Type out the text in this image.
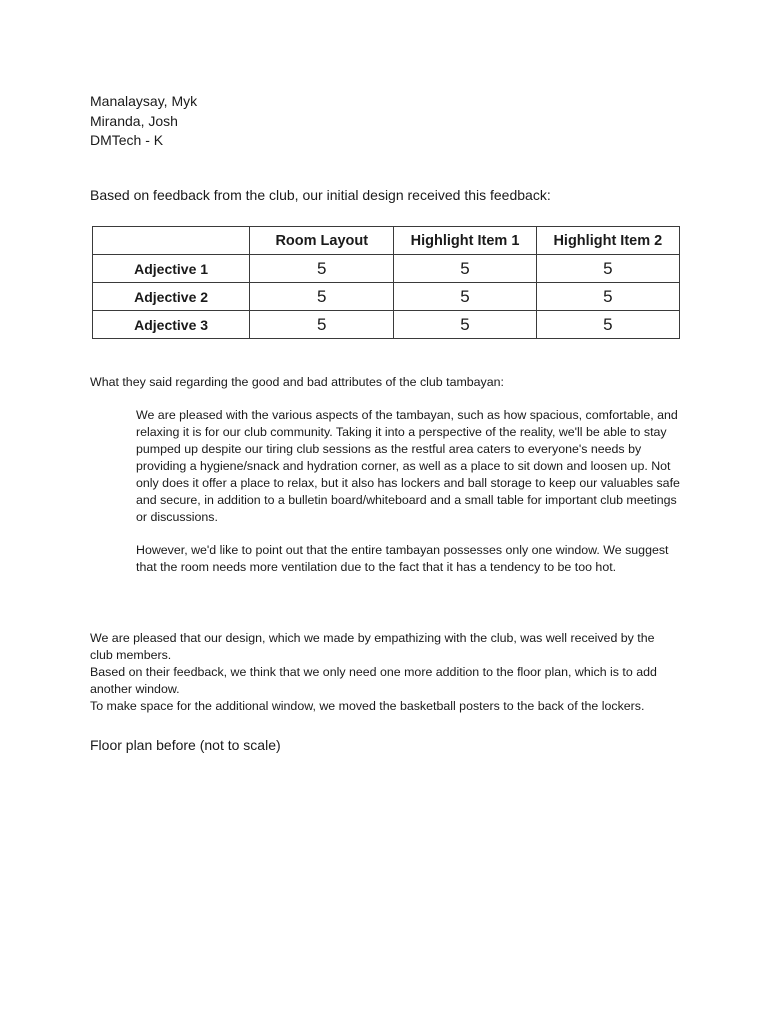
Manalaysay, Myk
Miranda, Josh
DMTech - K
Based on feedback from the club, our initial design received this feedback:
	Room Layout	Highlight Item 1	Highlight Item 2
Adjective 1	5	5	5
Adjective 2	5	5	5
Adjective 3	5	5	5
What they said regarding the good and bad attributes of the club tambayan:

We are pleased with the various aspects of the tambayan, such as how spacious, comfortable, and relaxing it is for our club community. Taking it into a perspective of the reality, we'll be able to stay pumped up despite our tiring club sessions as the restful area caters to everyone's needs by providing a hygiene/snack and hydration corner, as well as a place to sit down and loosen up. Not only does it offer a place to relax, but it also has lockers and ball storage to keep our valuables safe and secure, in addition to a bulletin board/whiteboard and a small table for important club meetings or discussions.

However, we'd like to point out that the entire tambayan possesses only one window. We suggest that the room needs more ventilation due to the fact that it has a tendency to be too hot.

We are pleased that our design, which we made by empathizing with the club, was well received by the club members.

Based on their feedback, we think that we only need one more addition to the floor plan, which is to add another window.

To make space for the additional window, we moved the basketball posters to the back of the lockers.

Floor plan before (not to scale)
